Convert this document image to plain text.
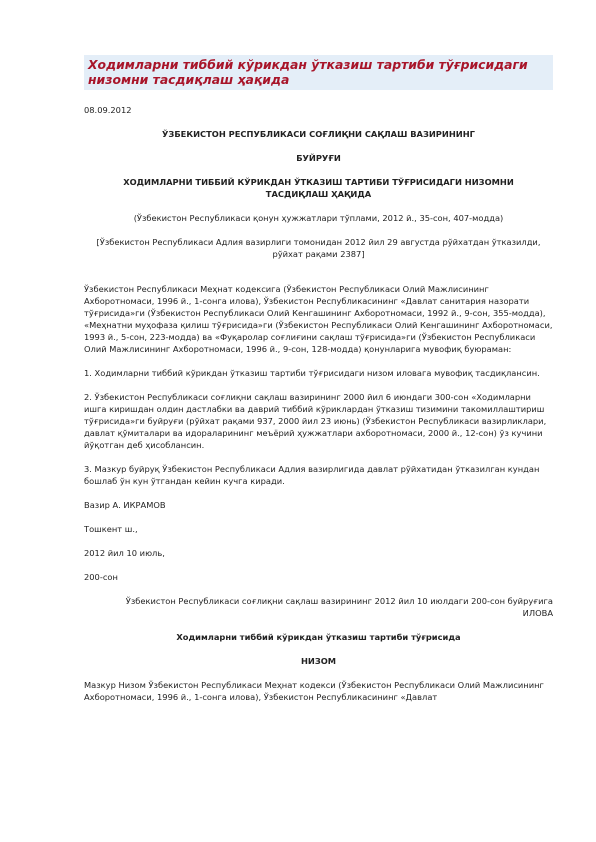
Ходимларни тиббий кўрикдан ўтказиш тартиби тўғрисидаги низомни тасдиқлаш ҳақида

08.09.2012

ЎЗБЕКИСТОН РЕСПУБЛИКАСИ СОҒЛИҚНИ САҚЛАШ ВАЗИРИНИНГ

БУЙРУҒИ

ХОДИМЛАРНИ ТИББИЙ КЎРИКДАН ЎТКАЗИШ ТАРТИБИ ТЎҒРИСИДАГИ НИЗОМНИ ТАСДИҚЛАШ ҲАҚИДА

(Ўзбекистон Республикаси қонун ҳужжатлари тўплами, 2012 й., 35-сон, 407-модда)

[Ўзбекистон Республикаси Адлия вазирлиги томонидан 2012 йил 29 августда рўйхатдан ўтказилди, рўйхат рақами 2387]

Ўзбекистон Республикаси Меҳнат кодексига (Ўзбекистон Республикаси Олий Мажлисининг Ахборотномаси, 1996 й., 1-сонга илова), Ўзбекистон Республикасининг «Давлат санитария назорати тўғрисида»ги (Ўзбекистон Республикаси Олий Кенгашининг Ахборотномаси, 1992 й., 9-сон, 355-модда), «Меҳнатни муҳофаза қилиш тўғрисида»ги (Ўзбекистон Республикаси Олий Кенгашининг Ахборотномаси, 1993 й., 5-сон, 223-модда) ва «Фуқаролар соғлиғини сақлаш тўғрисида»ги (Ўзбекистон Республикаси Олий Мажлисининг Ахборотномаси, 1996 й., 9-сон, 128-модда) қонунларига мувофиқ буюраман:

1. Ходимларни тиббий кўрикдан ўтказиш тартиби тўғрисидаги низом иловага мувофиқ тасдиқлансин.

2. Ўзбекистон Республикаси соғлиқни сақлаш вазирининг 2000 йил 6 июндаги 300-сон «Ходимларни ишга киришдан олдин дастлабки ва даврий тиббий кўриклардан ўтказиш тизимини такомиллаштириш тўғрисида»ги буйруғи (рўйхат рақами 937, 2000 йил 23 июнь) (Ўзбекистон Республикаси вазирликлари, давлат қўмиталари ва идораларининг меъёрий ҳужжатлари ахборотномаси, 2000 й., 12-сон) ўз кучини йўқотган деб ҳисоблансин.

3. Мазкур буйруқ Ўзбекистон Республикаси Адлия вазирлигида давлат рўйхатидан ўтказилган кундан бошлаб ўн кун ўтгандан кейин кучга киради.

Вазир А. ИКРАМОВ

Тошкент ш.,

2012 йил 10 июль,

200-сон

Ўзбекистон Республикаси соғлиқни сақлаш вазирининг 2012 йил 10 июлдаги 200-сон буйруғига ИЛОВА

Ходимларни тиббий кўрикдан ўтказиш тартиби тўғрисида

НИЗОМ

Мазкур Низом Ўзбекистон Республикаси Меҳнат кодекси (Ўзбекистон Республикаси Олий Мажлисининг Ахборотномаси, 1996 й., 1-сонга илова), Ўзбекистон Республикасининг «Давлат
